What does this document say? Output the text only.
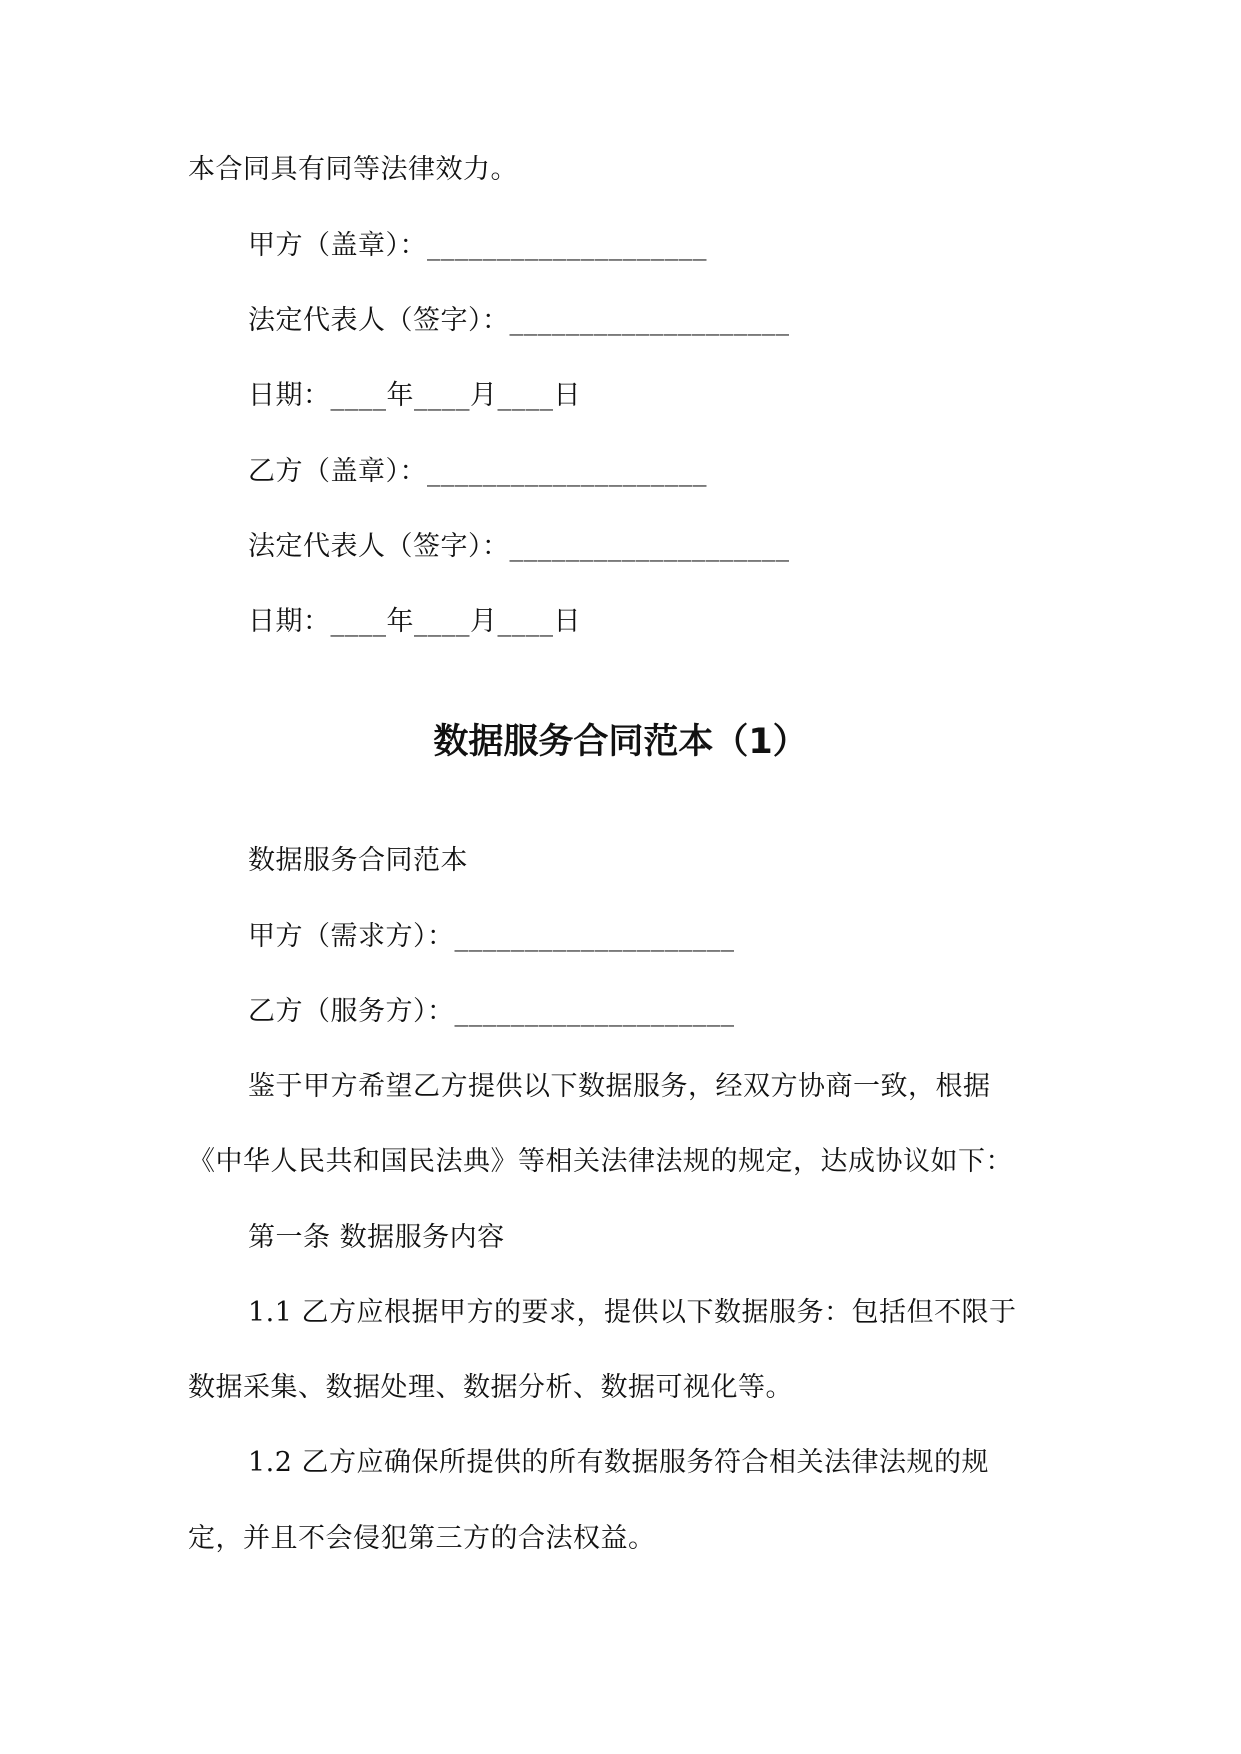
本合同具有同等法律效力。
甲方（盖章）：____________________
法定代表人（签字）：____________________
日期：____年____月____日
乙方（盖章）：____________________
法定代表人（签字）：____________________
日期：____年____月____日
数据服务合同范本（1）
数据服务合同范本
甲方（需求方）：____________________
乙方（服务方）：____________________
鉴于甲方希望乙方提供以下数据服务，经双方协商一致，根据
《中华人民共和国民法典》等相关法律法规的规定，达成协议如下：
第一条 数据服务内容
1.1 乙方应根据甲方的要求，提供以下数据服务：包括但不限于
数据采集、数据处理、数据分析、数据可视化等。
1.2 乙方应确保所提供的所有数据服务符合相关法律法规的规
定，并且不会侵犯第三方的合法权益。
